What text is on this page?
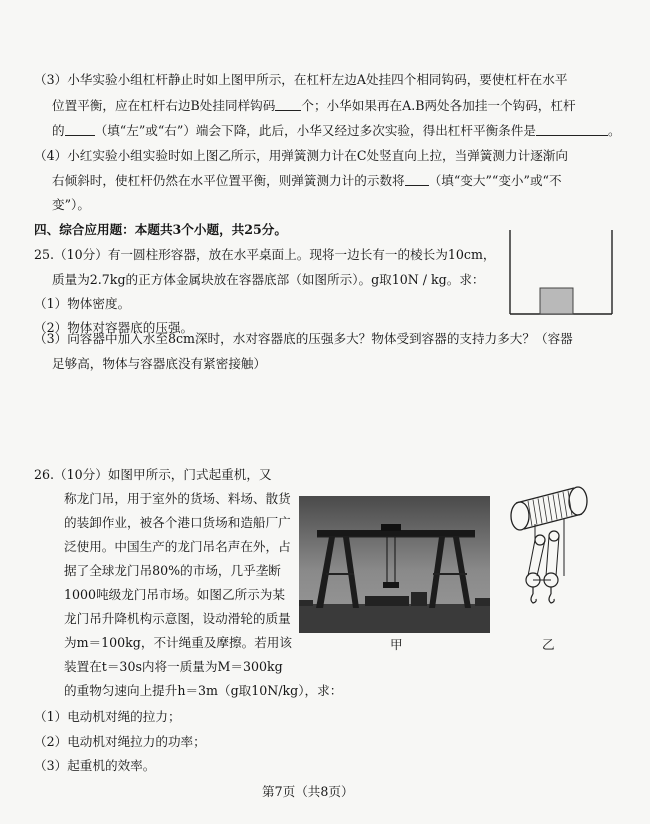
（3）小华实验小组杠杆静止时如上图甲所示，在杠杆左边A处挂四个相同钩码，要使杠杆在水平
位置平衡，应在杠杆右边B处挂同样钩码 个；小华如果再在A.B两处各加挂一个钩码，杠杆
的 （填“左”或“右”）端会下降，此后，小华又经过多次实验，得出杠杆平衡条件是	。
（4）小红实验小组实验时如上图乙所示，用弹簧测力计在C处竖直向上拉，当弹簧测力计逐渐向
右倾斜时，使杠杆仍然在水平位置平衡，则弹簧测力计的示数将 （填“变大”“变小”或“不
变”）。
四、综合应用题：本题共3个小题，共25分。
25.（10分）有一圆柱形容器，放在水平桌面上。现将一边长有一的棱长为10cm，
质量为2.7kg的正方体金属块放在容器底部（如图所示）。g取10N / kg。求：
（1）物体密度。
（2）物体对容器底的压强。
（3）向容器中加入水至8cm深时，水对容器底的压强多大？物体受到容器的支持力多大？（容器
足够高，物体与容器底没有紧密接触）
26.（10分）如图甲所示，门式起重机，又
称龙门吊，用于室外的货场、料场、散货
的装卸作业，被各个港口货场和造船厂广
泛使用。中国生产的龙门吊名声在外，占
据了全球龙门吊80%的市场，几乎垄断
1000吨级龙门吊市场。如图乙所示为某
龙门吊升降机构示意图，设动滑轮的质量
为m＝100kg，不计绳重及摩擦。若用该
装置在t＝30s内将一质量为M＝300kg
的重物匀速向上提升h＝3m（g取10N/kg），求：
（1）电动机对绳的拉力；
（2）电动机对绳拉力的功率；
（3）起重机的效率。
甲	乙
第7页（共8页）
